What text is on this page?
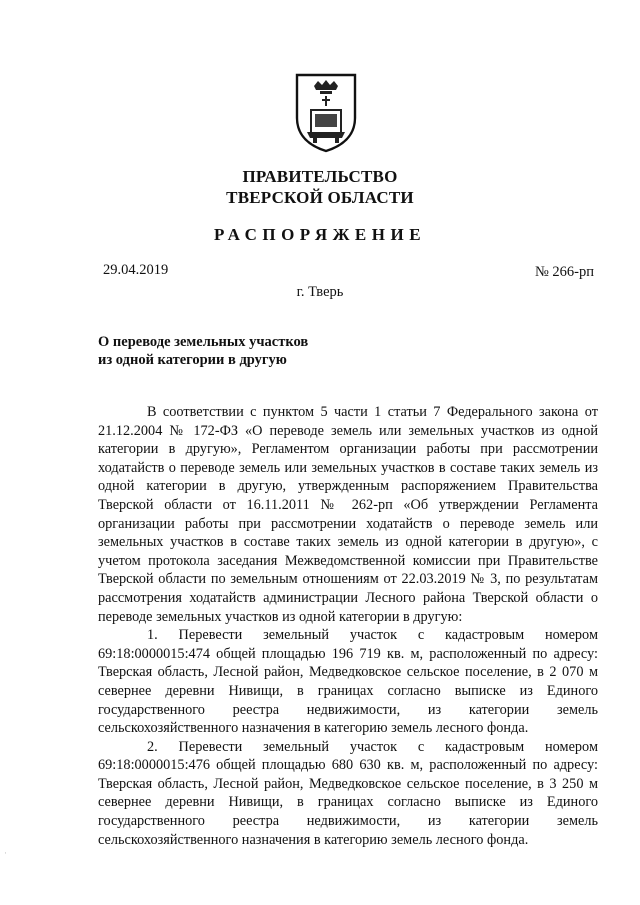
ПРАВИТЕЛЬСТВО
ТВЕРСКОЙ ОБЛАСТИ
РАСПОРЯЖЕНИЕ
29.04.2019	№ 266-рп
г. Тверь
О переводе земельных участков
из одной категории в другую

В соответствии с пунктом 5 части 1 статьи 7 Федерального закона от 21.12.2004 № 172-ФЗ «О переводе земель или земельных участков из одной категории в другую», Регламентом организации работы при рассмотрении ходатайств о переводе земель или земельных участков в составе таких земель из одной категории в другую, утвержденным распоряжением Правительства Тверской области от 16.11.2011 № 262-рп «Об утверждении Регламента организации работы при рассмотрении ходатайств о переводе земель или земельных участков в составе таких земель из одной категории в другую», с учетом протокола заседания Межведомственной комиссии при Правительстве Тверской области по земельным отношениям от 22.03.2019 № 3, по результатам рассмотрения ходатайств администрации Лесного района Тверской области о переводе земельных участков из одной категории в другую:

1. Перевести земельный участок с кадастровым номером 69:18:0000015:474 общей площадью 196 719 кв. м, расположенный по адресу: Тверская область, Лесной район, Медведковское сельское поселение, в 2 070 м севернее деревни Нивищи, в границах согласно выписке из Единого государственного реестра недвижимости, из категории земель сельскохозяйственного назначения в категорию земель лесного фонда.

2. Перевести земельный участок с кадастровым номером 69:18:0000015:476 общей площадью 680 630 кв. м, расположенный по адресу: Тверская область, Лесной район, Медведковское сельское поселение, в 3 250 м севернее деревни Нивищи, в границах согласно выписке из Единого государственного реестра недвижимости, из категории земель сельскохозяйственного назначения в категорию земель лесного фонда.

·
